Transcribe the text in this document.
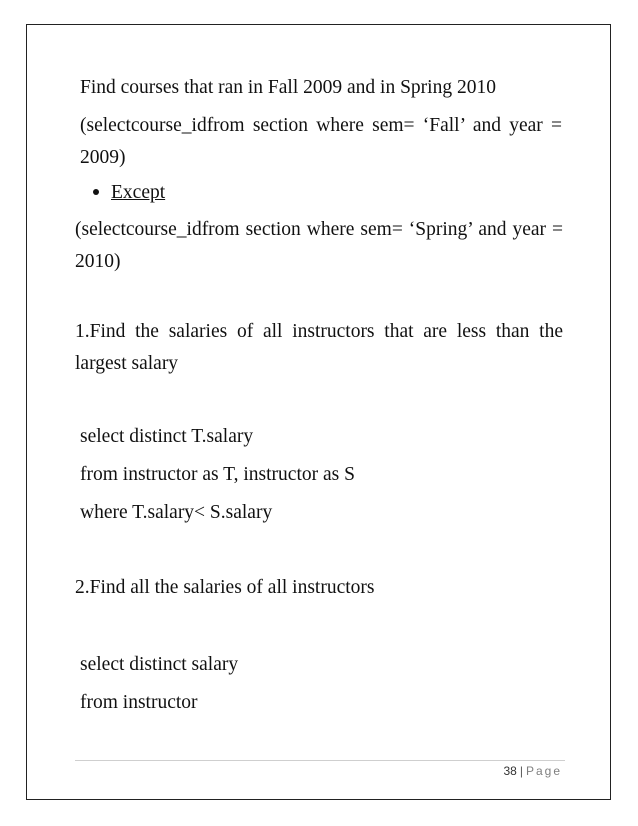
Find courses that ran in Fall 2009 and in Spring 2010
(selectcourse_idfrom section where sem= ‘Fall’ and year = 2009)
Except
(selectcourse_idfrom section where sem= ‘Spring’ and year = 2010)
1.Find the salaries of all instructors that are less than the largest salary
select distinct T.salary
from instructor as T, instructor as S
where T.salary< S.salary
2.Find all the salaries of all instructors
select distinct salary
from instructor
38 | Page
